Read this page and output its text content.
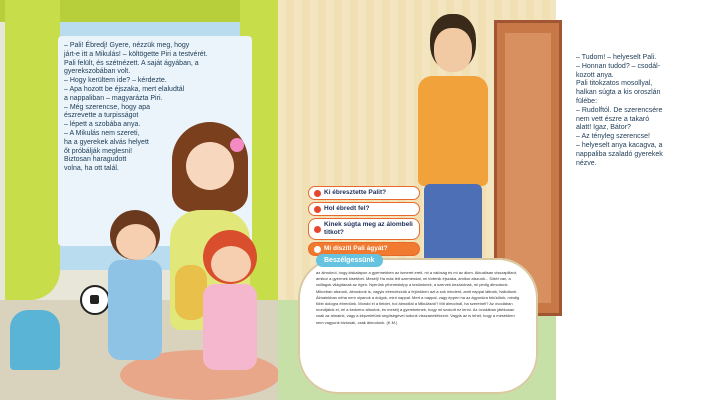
– Pali! Ébredj! Gyere, nézzük meg, hogy
járt-e itt a Mikulás! – költögette Piri a testvérét.
Pali felült, és szétnézett. A saját ágyában, a
gyerekszobában volt.
– Hogy kerültem ide? – kérdezte.
– Apa hozott be éjszaka, mert elaludtál
a nappaliban – magyarázta Piri.
– Még szerencse, hogy apa
észrevette a turpisságot
– lépett a szobába anya.
– A Mikulás nem szereti,
ha a gyerekek alvás helyett
őt próbálják meglesni!
Biztosan haragudott
volna, ha ott talál.
– Tudom! – helyeselt Pali.
– Honnan tudod? – csodál-
kozott anya.
Pali titokzatos mosollyal,
halkan súgta a kis oroszlán
fülébe:
– Rudolftól. De szerencsére
nem vett észre a takaró
alatt! Igaz, Bátor?
– Az tényleg szerencse!
– helyeselt anya kacagva, a
nappaliba szaladó gyerekek
nézve.
Ki ébresztette Palit?
Hol ébredt fel?
Kinek súgta meg az álombeli titkot?
Mi díszíti Pali ágyát?
Beszélgessünk
az álmokról, hogy kiskalapon a gyermekben az ismeret ereit, mi a valóság és mi az álom. Aktuálisan visszapillant, amikor a gyermek kisebbet. Mesélj! Ha más lett szeméndat, mi történik éjszaka, amikor alszunk... Sötét van, a csillagok világítanak az égen. Nyerünk pihenésképp a testünknek, a szervek bezárulnak, mi pedig álmodunk. Mikorban alszunk, álmodunk is, vagyis elrendezzük a fejünkben azt a sok mindent, amit nappal láttunk, hallottunk. Álmainkban néha nem olyanok a dolgok, mint nappal. Mert a nappal, vagy éppen ha az ágyunkra feküdünk, mindig több dologra ébredünk. Mondd el a tieidet, hol álmodtál a Mikulásról? Mit álmodnál, ha szeretnél? Az óvodában mondjátok el, mi a kedvenc álmotok, és mesélj a gyerekeknek, hogy mi szokott ez lenni. Az óvodában játékosan csak az álmaink, vagy a képzeletünk segítségével tudunk visszaemlékezni. Vagyis az is lehet, hogy a mesékben sem vagyunk biztosak, csak álmodunk. (K.M.)
